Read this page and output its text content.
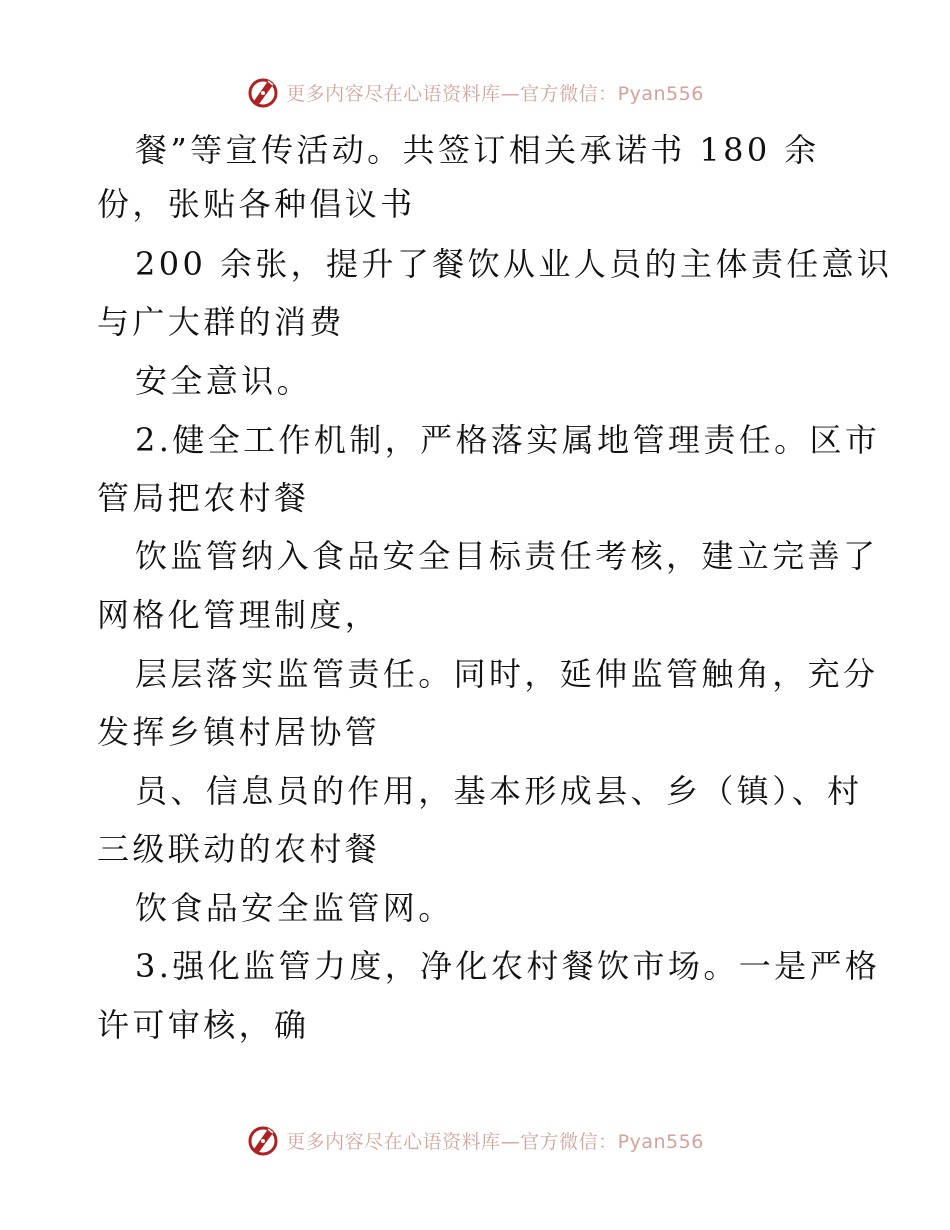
更多内容尽在心语资料库—官方微信：Pyan556
餐”等宣传活动。共签订相关承诺书 180 余
份，张贴各种倡议书
200 余张，提升了餐饮从业人员的主体责任意识
与广大群的消费
安全意识。
2.健全工作机制，严格落实属地管理责任。区市
管局把农村餐
饮监管纳入食品安全目标责任考核，建立完善了
网格化管理制度，
层层落实监管责任。同时，延伸监管触角，充分
发挥乡镇村居协管
员、信息员的作用，基本形成县、乡（镇）、村
三级联动的农村餐
饮食品安全监管网。
3.强化监管力度，净化农村餐饮市场。一是严格
许可审核，确
更多内容尽在心语资料库—官方微信：Pyan556
